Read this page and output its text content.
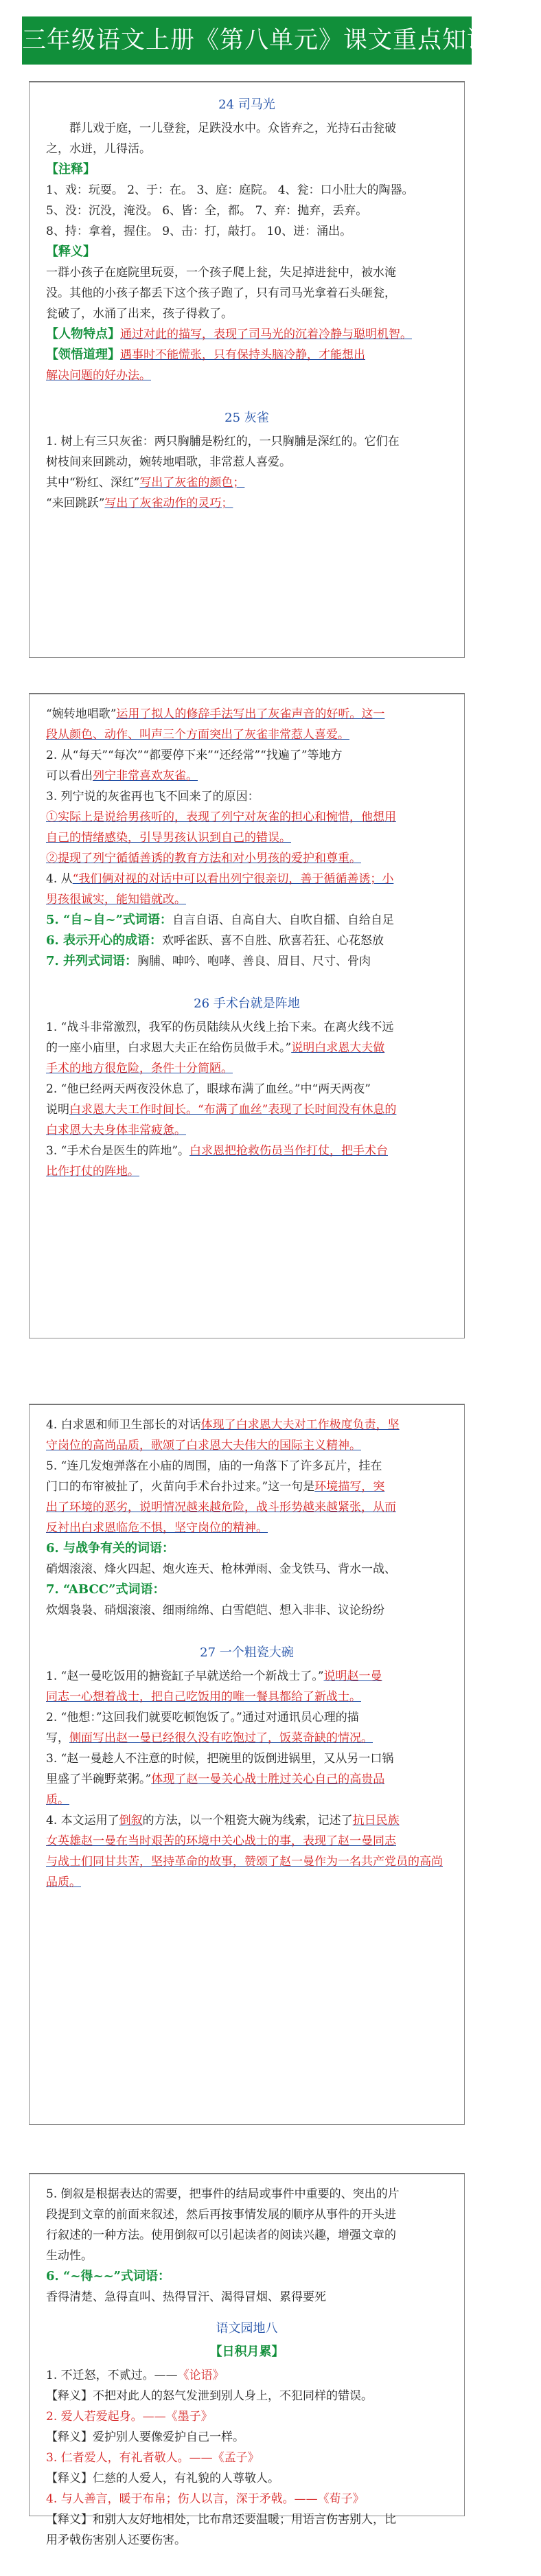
三年级语文上册《第八单元》课文重点知识归纳
24 司马光
群儿戏于庭，一儿登瓮，足跌没水中。众皆弃之，光持石击瓮破
之，水迸，儿得活。
【注释】
1、戏：玩耍。 2、于：在。 3、庭：庭院。 4、瓮：口小肚大的陶器。
5、没：沉没，淹没。 6、皆：全，都。 7、弃：抛弃，丢弃。
8、持：拿着，握住。 9、击：打，敲打。 10、迸：涌出。
【释义】
一群小孩子在庭院里玩耍，一个孩子爬上瓮，失足掉进瓮中，被水淹
没。其他的小孩子都丢下这个孩子跑了，只有司马光拿着石头砸瓮，
瓮破了，水涌了出来，孩子得救了。
【人物特点】通过对此的描写，表现了司马光的沉着冷静与聪明机智。
【领悟道理】遇事时不能慌张，只有保持头脑冷静，才能想出
解决问题的好办法。
25 灰雀
1. 树上有三只灰雀：两只胸脯是粉红的，一只胸脯是深红的。它们在
树枝间来回跳动，婉转地唱歌，非常惹人喜爱。
其中“粉红、深红”写出了灰雀的颜色；
“来回跳跃”写出了灰雀动作的灵巧；
“婉转地唱歌”运用了拟人的修辞手法写出了灰雀声音的好听。这一
段从颜色、动作、叫声三个方面突出了灰雀非常惹人喜爱。
2. 从“每天”“每次”“都要停下来”“还经常”“找遍了”等地方
可以看出列宁非常喜欢灰雀。
3. 列宁说的灰雀再也飞不回来了的原因：
①实际上是说给男孩听的，表现了列宁对灰雀的担心和惋惜，他想用
自己的情绪感染，引导男孩认识到自己的错误。
②提现了列宁循循善诱的教育方法和对小男孩的爱护和尊重。
4. 从“我们俩对视的对话中可以看出列宁很亲切，善于循循善诱；小
男孩很诚实，能知错就改。
5. “自~自~”式词语：自言自语、自高自大、自吹自擂、自给自足
6. 表示开心的成语：欢呼雀跃、喜不自胜、欣喜若狂、心花怒放
7. 并列式词语：胸脯、呻吟、咆哮、善良、眉目、尺寸、骨肉
26 手术台就是阵地
1. “战斗非常激烈，我军的伤员陆续从火线上抬下来。在离火线不远
的一座小庙里，白求恩大夫正在给伤员做手术。”说明白求恩大夫做
手术的地方很危险，条件十分简陋。
2. “他已经两天两夜没休息了，眼球布满了血丝。”中“两天两夜”
说明白求恩大夫工作时间长。“布满了血丝”表现了长时间没有休息的
白求恩大夫身体非常疲惫。
3. “手术台是医生的阵地”。白求恩把抢救伤员当作打仗，把手术台
比作打仗的阵地。
4. 白求恩和师卫生部长的对话体现了白求恩大夫对工作极度负责，坚
守岗位的高尚品质，歌颂了白求恩大夫伟大的国际主义精神。
5. “连几发炮弹落在小庙的周围，庙的一角落下了许多瓦片，挂在
门口的布帘被扯了，火苗向手术台扑过来。”这一句是环境描写，突
出了环境的恶劣，说明情况越来越危险，战斗形势越来越紧张，从而
反衬出白求恩临危不惧，坚守岗位的精神。
6. 与战争有关的词语：
硝烟滚滚、烽火四起、炮火连天、枪林弹雨、金戈铁马、背水一战、
7. “ABCC”式词语：
炊烟袅袅、硝烟滚滚、细雨绵绵、白雪皑皑、想入非非、议论纷纷
27 一个粗瓷大碗
1. “赵一曼吃饭用的搪瓷缸子早就送给一个新战士了。”说明赵一曼
同志一心想着战士，把自己吃饭用的唯一餐具都给了新战士。
2. “他想：”这回我们就要吃顿饱饭了。”通过对通讯员心理的描
写，侧面写出赵一曼已经很久没有吃饱过了，饭菜奇缺的情况。
3. “赵一曼趁人不注意的时候，把碗里的饭倒进锅里，又从另一口锅
里盛了半碗野菜粥。”体现了赵一曼关心战士胜过关心自己的高贵品
质。
4. 本文运用了倒叙的方法，以一个粗瓷大碗为线索，记述了抗日民族
女英雄赵一曼在当时艰苦的环境中关心战士的事，表现了赵一曼同志
与战士们同甘共苦，坚持革命的故事，赞颂了赵一曼作为一名共产党员的高尚品质。
5. 倒叙是根据表达的需要，把事件的结局或事件中重要的、突出的片
段提到文章的前面来叙述，然后再按事情发展的顺序从事件的开头进
行叙述的一种方法。使用倒叙可以引起读者的阅读兴趣，增强文章的
生动性。
6. “~得~~”式词语：
香得清楚、急得直叫、热得冒汗、渴得冒烟、累得要死
语文园地八
【日积月累】
1. 不迁怒，不贰过。——《论语》
【释义】不把对此人的怒气发泄到别人身上，不犯同样的错误。
2. 爱人若爱起身。——《墨子》
【释义】爱护别人要像爱护自己一样。
3. 仁者爱人，有礼者敬人。——《孟子》
【释义】仁慈的人爱人，有礼貌的人尊敬人。
4. 与人善言，暖于布帛；伤人以言，深于矛戟。——《荀子》
【释义】和别人友好地相处，比布帛还要温暖；用语言伤害别人，比
用矛戟伤害别人还要伤害。
